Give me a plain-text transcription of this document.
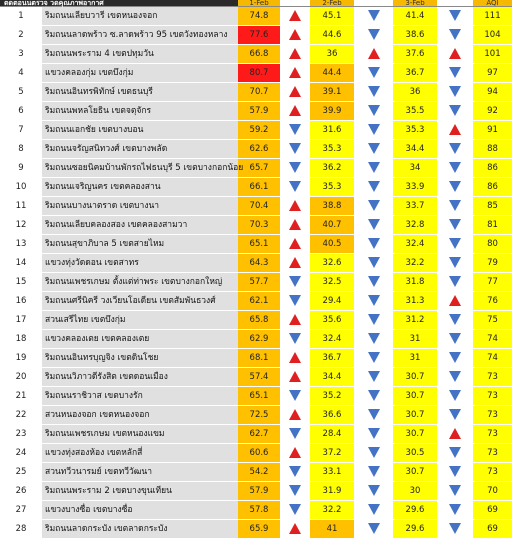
ตดตอนนตรวจ วดคุณภาพอากาศ		1-Feb		2-Feb		3-Feb		AQI
1	ริมถนนเลียบวารี เขตหนองจอก	74.8		45.1		41.4		111
2	ริมถนนลาดพร้าว ซ.ลาดพร้าว 95 เขตวังทองหลาง	77.6		44.6		38.6		104
3	ริมถนนพระราม 4 เขตปทุมวัน	66.8		36		37.6		101
4	แขวงคลองกุ่ม เขตบึงกุ่ม	80.7		44.4		36.7		97
5	ริมถนนอินทรพิทักษ์ เขตธนบุรี	70.7		39.1		36		94
6	ริมถนนพหลโยธิน เขตจตุจักร	57.9		39.9		35.5		92
7	ริมถนนเอกชัย เขตบางบอน	59.2		31.6		35.3		91
8	ริมถนนจรัญสนิทวงศ์ เขตบางพลัด	62.6		35.3		34.4		88
9	ริมถนนซอยนิคมบ้านพักรถไฟธนบุรี 5 เขตบางกอกน้อย	65.7		36.2		34		86
10	ริมถนนเจริญนคร เขตคลองสาน	66.1		35.3		33.9		86
11	ริมถนนบางนาตราด เขตบางนา	70.4		38.8		33.7		85
12	ริมถนนเลียบคลองสอง เขตคลองสามวา	70.3		40.7		32.8		81
13	ริมถนนสุขาภิบาล 5 เขตสายไหม	65.1		40.5		32.4		80
14	แขวงทุ่งวัดดอน เขตสาทร	64.3		32.6		32.2		79
15	ริมถนนเพชรเกษม ตั้งแต่ท่าพระ เขตบางกอกใหญ่	57.7		32.5		31.8		77
16	ริมถนนศรีนิครี วงเวียนโอเดียน เขตสัมพันธวงศ์	62.1		29.4		31.3		76
17	สวนเสรีไทย เขตบึงกุ่ม	65.8		35.6		31.2		75
18	แขวงคลองเตย เขตคลองเตย	62.9		32.4		31		74
19	ริมถนนอินทรบุญจิง เขตดินโชย	68.1		36.7		31		74
20	ริมถนนวิภาวดีรังสิต เขตดอนเมือง	57.4		34.4		30.7		73
21	ริมถนนราชิวาส เขตบางรัก	65.1		35.2		30.7		73
22	สวนหนองจอก เขตหนองจอก	72.5		36.6		30.7		73
23	ริมถนนเพชรเกษม เขตหนองแขม	62.7		28.4		30.7		73
24	แขวงทุ่งสองห้อง เขตหลักสี่	60.6		37.2		30.5		73
25	สวนทวีวนารมย์ เขตทวีวัฒนา	54.2		33.1		30.7		73
26	ริมถนนพระราม 2 เขตบางขุนเทียน	57.9		31.9		30		70
27	แขวงบางซื่อ เขตบางซื่อ	57.8		32.2		29.6		69
28	ริมถนนลาดกระบัง เขตลาดกระบัง	65.9		41		29.6		69
